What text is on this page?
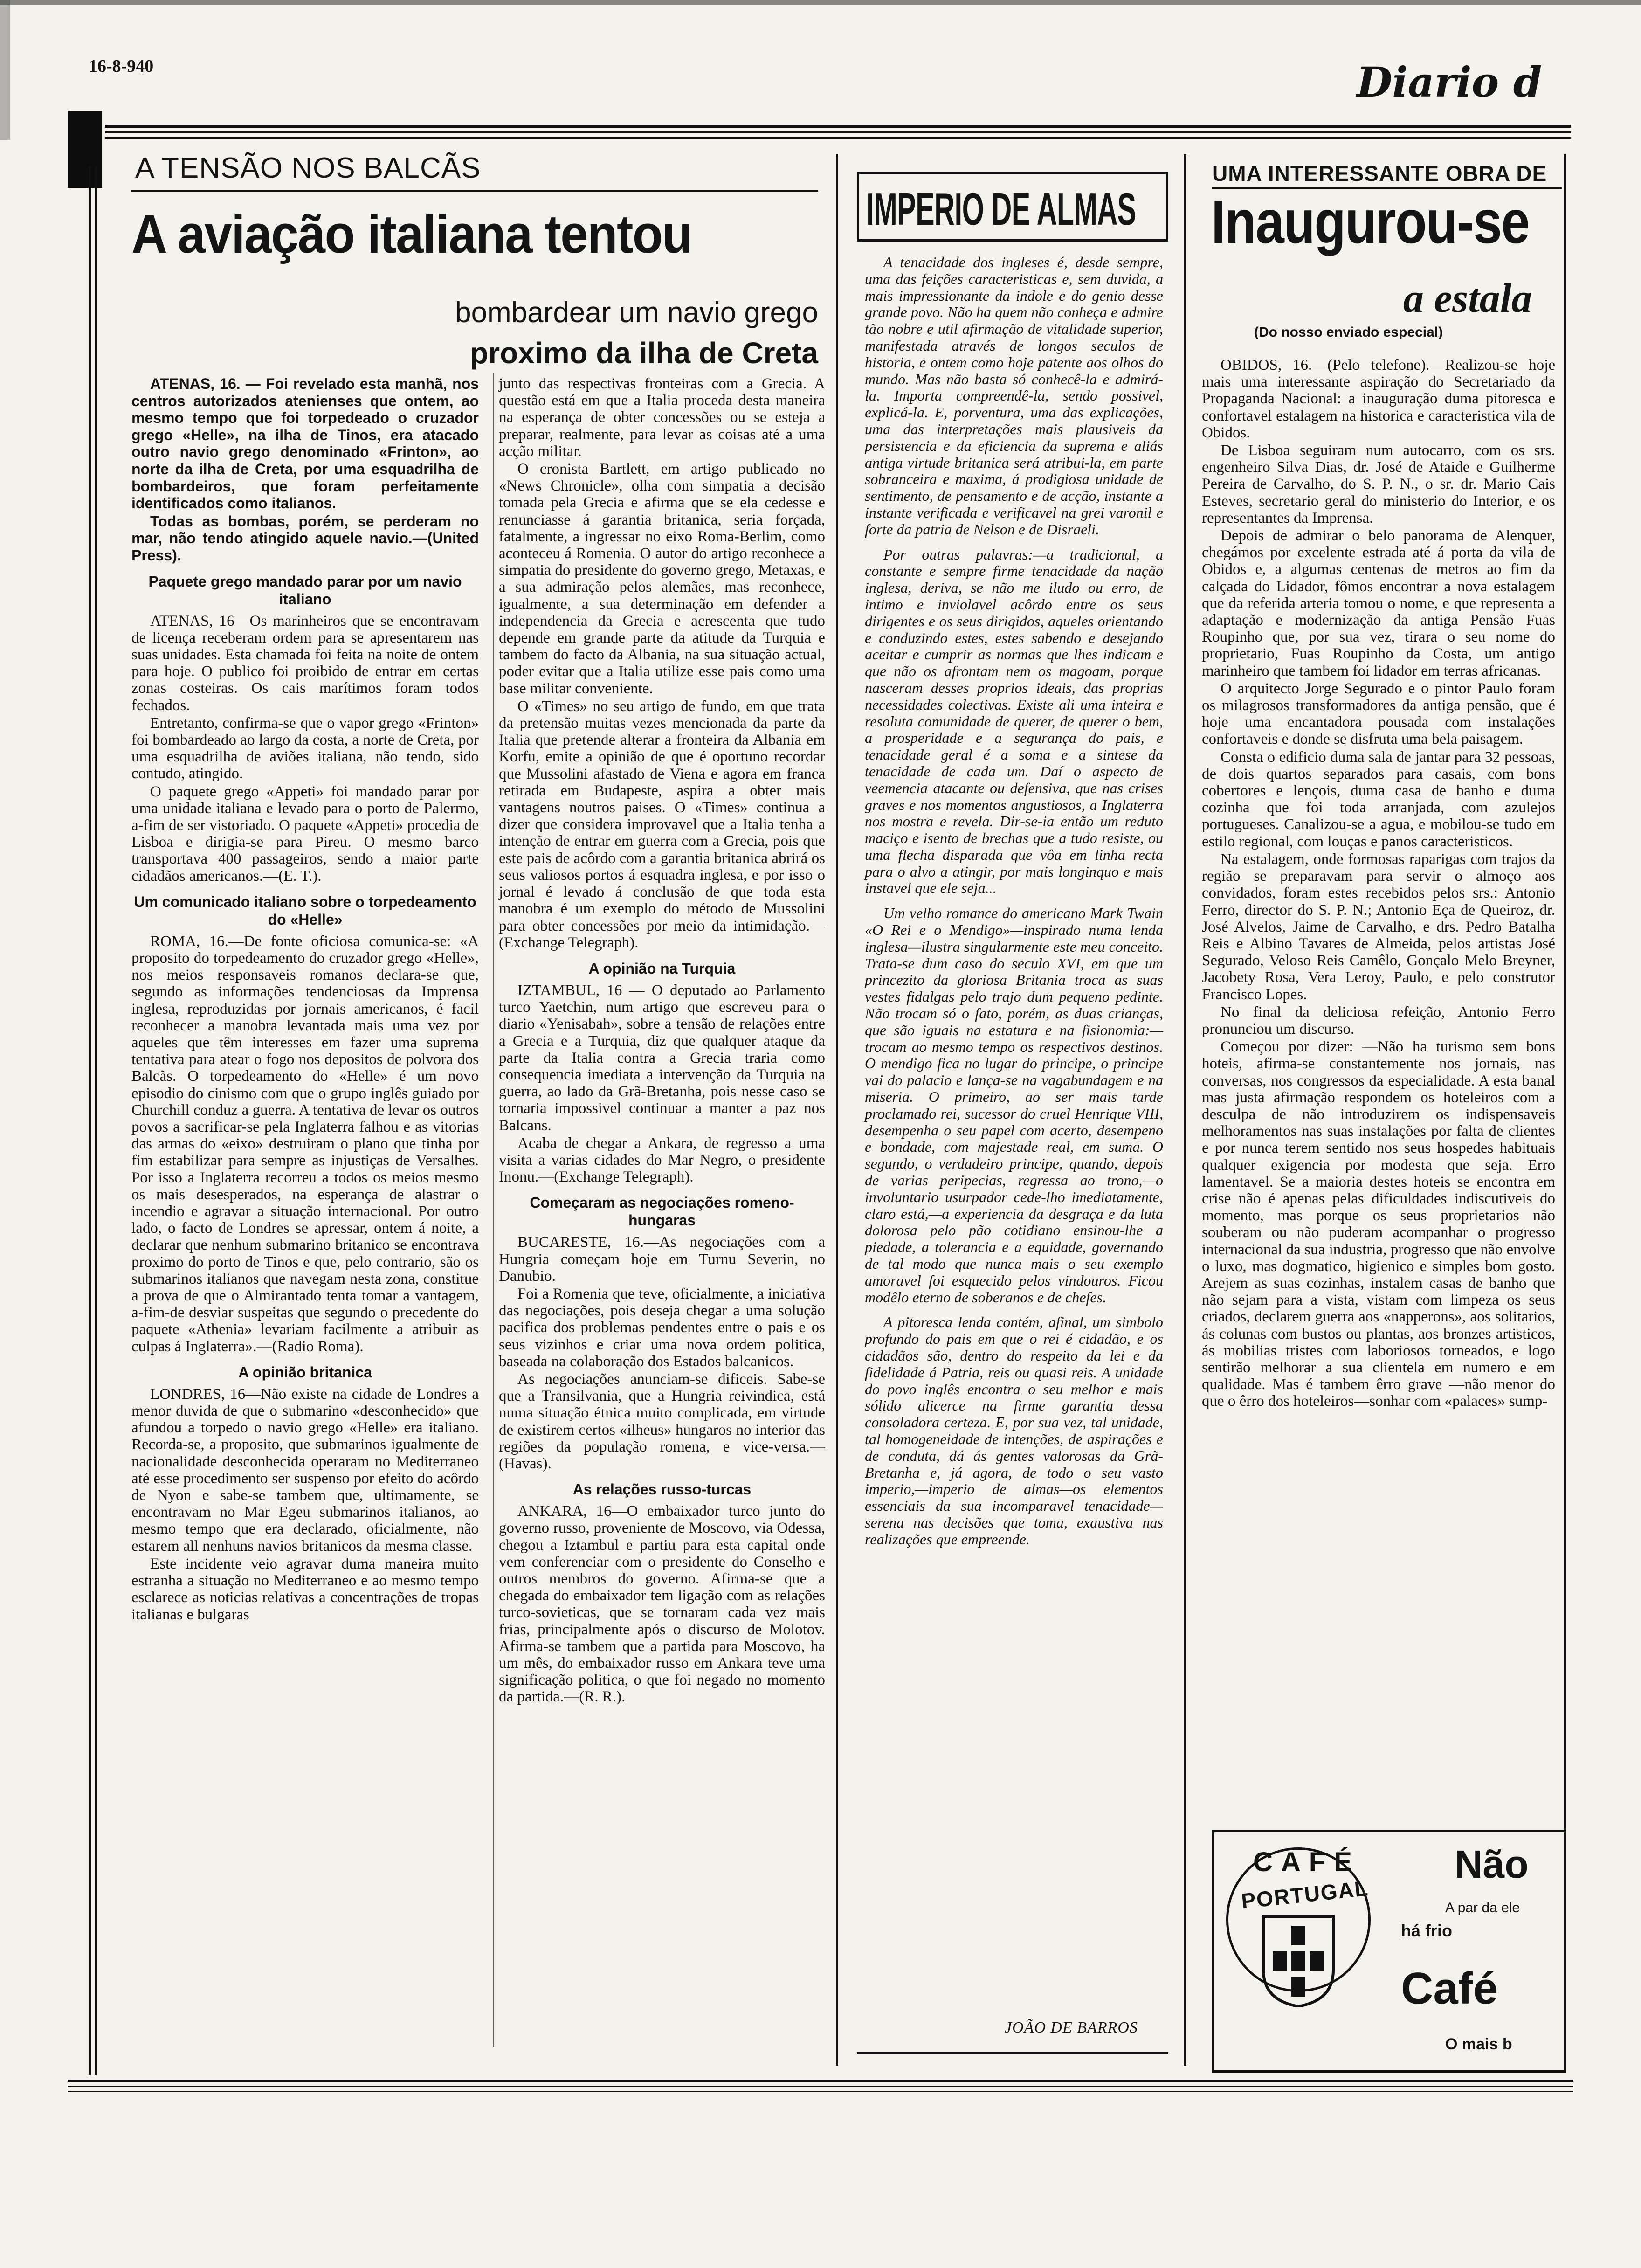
16-8-940	Diario d
A TENSÃO NOS BALCÃS
A aviação italiana tentou
bombardear um navio grego
proximo da ilha de Creta

ATENAS, 16. — Foi revelado esta manhã, nos centros autorizados atenienses que ontem, ao mesmo tempo que foi torpedeado o cruzador grego «Helle», na ilha de Tinos, era atacado outro navio grego denominado «Frinton», ao norte da ilha de Creta, por uma esquadrilha de bombardeiros, que foram perfeitamente identificados como italianos.

Todas as bombas, porém, se perderam no mar, não tendo atingido aquele navio.—(United Press).

Paquete grego mandado parar por um navio italiano

ATENAS, 16—Os marinheiros que se encontravam de licença receberam ordem para se apresentarem nas suas unidades. Esta chamada foi feita na noite de ontem para hoje. O publico foi proibido de entrar em certas zonas costeiras. Os cais marítimos foram todos fechados.

Entretanto, confirma-se que o vapor grego «Frinton» foi bombardeado ao largo da costa, a norte de Creta, por uma esquadrilha de aviões italiana, não tendo, sido contudo, atingido.

O paquete grego «Appeti» foi mandado parar por uma unidade italiana e levado para o porto de Palermo, a-fim de ser vistoriado. O paquete «Appeti» procedia de Lisboa e dirigia-se para Pireu. O mesmo barco transportava 400 passageiros, sendo a maior parte cidadãos americanos.—(E. T.).

Um comunicado italiano sobre o torpedeamento do «Helle»

ROMA, 16.—De fonte oficiosa comunica-se: «A proposito do torpedeamento do cruzador grego «Helle», nos meios responsaveis romanos declara-se que, segundo as informações tendenciosas da Imprensa inglesa, reproduzidas por jornais americanos, é facil reconhecer a manobra levantada mais uma vez por aqueles que têm interesses em fazer uma suprema tentativa para atear o fogo nos depositos de polvora dos Balcãs. O torpedeamento do «Helle» é um novo episodio do cinismo com que o grupo inglês guiado por Churchill conduz a guerra. A tentativa de levar os outros povos a sacrificar-se pela Inglaterra falhou e as vitorias das armas do «eixo» destruiram o plano que tinha por fim estabilizar para sempre as injustiças de Versalhes. Por isso a Inglaterra recorreu a todos os meios mesmo os mais desesperados, na esperança de alastrar o incendio e agravar a situação internacional. Por outro lado, o facto de Londres se apressar, ontem á noite, a declarar que nenhum submarino britanico se encontrava proximo do porto de Tinos e que, pelo contrario, são os submarinos italianos que navegam nesta zona, constitue a prova de que o Almirantado tenta tomar a vantagem, a-fim-de desviar suspeitas que segundo o precedente do paquete «Athenia» levariam facilmente a atribuir as culpas á Inglaterra».—(Radio Roma).

A opinião britanica

LONDRES, 16—Não existe na cidade de Londres a menor duvida de que o submarino «desconhecido» que afundou a torpedo o navio grego «Helle» era italiano. Recorda-se, a proposito, que submarinos igualmente de nacionalidade desconhecida operaram no Mediterraneo até esse procedimento ser suspenso por efeito do acôrdo de Nyon e sabe-se tambem que, ultimamente, se encontravam no Mar Egeu submarinos italianos, ao mesmo tempo que era declarado, oficialmente, não estarem all nenhuns navios britanicos da mesma classe.

Este incidente veio agravar duma maneira muito estranha a situação no Mediterraneo e ao mesmo tempo esclarece as noticias relativas a concentrações de tropas italianas e bulgaras

junto das respectivas fronteiras com a Grecia. A questão está em que a Italia proceda desta maneira na esperança de obter concessões ou se esteja a preparar, realmente, para levar as coisas até a uma acção militar.

O cronista Bartlett, em artigo publicado no «News Chronicle», olha com simpatia a decisão tomada pela Grecia e afirma que se ela cedesse e renunciasse á garantia britanica, seria forçada, fatalmente, a ingressar no eixo Roma-Berlim, como aconteceu á Romenia. O autor do artigo reconhece a simpatia do presidente do governo grego, Metaxas, e a sua admiração pelos alemães, mas reconhece, igualmente, a sua determinação em defender a independencia da Grecia e acrescenta que tudo depende em grande parte da atitude da Turquia e tambem do facto da Albania, na sua situação actual, poder evitar que a Italia utilize esse pais como uma base militar conveniente.

O «Times» no seu artigo de fundo, em que trata da pretensão muitas vezes mencionada da parte da Italia que pretende alterar a fronteira da Albania em Korfu, emite a opinião de que é oportuno recordar que Mussolini afastado de Viena e agora em franca retirada em Budapeste, aspira a obter mais vantagens noutros paises. O «Times» continua a dizer que considera improvavel que a Italia tenha a intenção de entrar em guerra com a Grecia, pois que este pais de acôrdo com a garantia britanica abrirá os seus valiosos portos á esquadra inglesa, e por isso o jornal é levado á conclusão de que toda esta manobra é um exemplo do método de Mussolini para obter concessões por meio da intimidação.—(Exchange Telegraph).

A opinião na Turquia

IZTAMBUL, 16 — O deputado ao Parlamento turco Yaetchin, num artigo que escreveu para o diario «Yenisabah», sobre a tensão de relações entre a Grecia e a Turquia, diz que qualquer ataque da parte da Italia contra a Grecia traria como consequencia imediata a intervenção da Turquia na guerra, ao lado da Grã-Bretanha, pois nesse caso se tornaria impossivel continuar a manter a paz nos Balcans.

Acaba de chegar a Ankara, de regresso a uma visita a varias cidades do Mar Negro, o presidente Inonu.—(Exchange Telegraph).

Começaram as negociações romeno-hungaras

BUCARESTE, 16.—As negociações com a Hungria começam hoje em Turnu Severin, no Danubio.

Foi a Romenia que teve, oficialmente, a iniciativa das negociações, pois deseja chegar a uma solução pacifica dos problemas pendentes entre o pais e os seus vizinhos e criar uma nova ordem politica, baseada na colaboração dos Estados balcanicos.

As negociações anunciam-se dificeis. Sabe-se que a Transilvania, que a Hungria reivindica, está numa situação étnica muito complicada, em virtude de existirem certos «ilheus» hungaros no interior das regiões da população romena, e vice-versa.—(Havas).

As relações russo-turcas

ANKARA, 16—O embaixador turco junto do governo russo, proveniente de Moscovo, via Odessa, chegou a Iztambul e partiu para esta capital onde vem conferenciar com o presidente do Conselho e outros membros do governo. Afirma-se que a chegada do embaixador tem ligação com as relações turco-sovieticas, que se tornaram cada vez mais frias, principalmente após o discurso de Molotov. Afirma-se tambem que a partida para Moscovo, ha um mês, do embaixador russo em Ankara teve uma significação politica, o que foi negado no momento da partida.—(R. R.).

IMPERIO DE ALMAS

A tenacidade dos ingleses é, desde sempre, uma das feições caracteristicas e, sem duvida, a mais impressionante da indole e do genio desse grande povo. Não ha quem não conheça e admire tão nobre e util afirmação de vitalidade superior, manifestada através de longos seculos de historia, e ontem como hoje patente aos olhos do mundo. Mas não basta só conhecê-la e admirá-la. Importa compreendê-la, sendo possivel, explicá-la. E, porventura, uma das explicações, uma das interpretações mais plausiveis da persistencia e da eficiencia da suprema e aliás antiga virtude britanica será atribui-la, em parte sobranceira e maxima, á prodigiosa unidade de sentimento, de pensamento e de acção, instante a instante verificada e verificavel na grei varonil e forte da patria de Nelson e de Disraeli.

Por outras palavras:—a tradicional, a constante e sempre firme tenacidade da nação inglesa, deriva, se não me iludo ou erro, de intimo e inviolavel acôrdo entre os seus dirigentes e os seus dirigidos, aqueles orientando e conduzindo estes, estes sabendo e desejando aceitar e cumprir as normas que lhes indicam e que não os afrontam nem os magoam, porque nasceram desses proprios ideais, das proprias necessidades colectivas. Existe ali uma inteira e resoluta comunidade de querer, de querer o bem, a prosperidade e a segurança do pais, e tenacidade geral é a soma e a sintese da tenacidade de cada um. Daí o aspecto de veemencia atacante ou defensiva, que nas crises graves e nos momentos angustiosos, a Inglaterra nos mostra e revela. Dir-se-ia então um reduto maciço e isento de brechas que a tudo resiste, ou uma flecha disparada que vôa em linha recta para o alvo a atingir, por mais longinquo e mais instavel que ele seja...

Um velho romance do americano Mark Twain «O Rei e o Mendigo»—inspirado numa lenda inglesa—ilustra singularmente este meu conceito. Trata-se dum caso do seculo XVI, em que um princezito da gloriosa Britania troca as suas vestes fidalgas pelo trajo dum pequeno pedinte. Não trocam só o fato, porém, as duas crianças, que são iguais na estatura e na fisionomia:—trocam ao mesmo tempo os respectivos destinos. O mendigo fica no lugar do principe, o principe vai do palacio e lança-se na vagabundagem e na miseria. O primeiro, ao ser mais tarde proclamado rei, sucessor do cruel Henrique VIII, desempenha o seu papel com acerto, desempeno e bondade, com majestade real, em suma. O segundo, o verdadeiro principe, quando, depois de varias peripecias, regressa ao trono,—o involuntario usurpador cede-lho imediatamente, claro está,—a experiencia da desgraça e da luta dolorosa pelo pão cotidiano ensinou-lhe a piedade, a tolerancia e a equidade, governando de tal modo que nunca mais o seu exemplo amoravel foi esquecido pelos vindouros. Ficou modêlo eterno de soberanos e de chefes.

A pitoresca lenda contém, afinal, um simbolo profundo do pais em que o rei é cidadão, e os cidadãos são, dentro do respeito da lei e da fidelidade á Patria, reis ou quasi reis. A unidade do povo inglês encontra o seu melhor e mais sólido alicerce na firme garantia dessa consoladora certeza. E, por sua vez, tal unidade, tal homogeneidade de intenções, de aspirações e de conduta, dá ás gentes valorosas da Grã-Bretanha e, já agora, de todo o seu vasto imperio,—imperio de almas—os elementos essenciais da sua incomparavel tenacidade—serena nas decisões que toma, exaustiva nas realizações que empreende.

JOÃO DE BARROS
UMA INTERESSANTE OBRA DE
Inaugurou-se
a estala
(Do nosso enviado especial)

OBIDOS, 16.—(Pelo telefone).—Realizou-se hoje mais uma interessante aspiração do Secretariado da Propaganda Nacional: a inauguração duma pitoresca e confortavel estalagem na historica e caracteristica vila de Obidos.

De Lisboa seguiram num autocarro, com os srs. engenheiro Silva Dias, dr. José de Ataide e Guilherme Pereira de Carvalho, do S. P. N., o sr. dr. Mario Cais Esteves, secretario geral do ministerio do Interior, e os representantes da Imprensa.

Depois de admirar o belo panorama de Alenquer, chegámos por excelente estrada até á porta da vila de Obidos e, a algumas centenas de metros ao fim da calçada do Lidador, fômos encontrar a nova estalagem que da referida arteria tomou o nome, e que representa a adaptação e modernização da antiga Pensão Fuas Roupinho que, por sua vez, tirara o seu nome do proprietario, Fuas Roupinho da Costa, um antigo marinheiro que tambem foi lidador em terras africanas.

O arquitecto Jorge Segurado e o pintor Paulo foram os milagrosos transformadores da antiga pensão, que é hoje uma encantadora pousada com instalações confortaveis e donde se disfruta uma bela paisagem.

Consta o edificio duma sala de jantar para 32 pessoas, de dois quartos separados para casais, com bons cobertores e lençois, duma casa de banho e duma cozinha que foi toda arranjada, com azulejos portugueses. Canalizou-se a agua, e mobilou-se tudo em estilo regional, com louças e panos caracteristicos.

Na estalagem, onde formosas raparigas com trajos da região se preparavam para servir o almoço aos convidados, foram estes recebidos pelos srs.: Antonio Ferro, director do S. P. N.; Antonio Eça de Queiroz, dr. José Alvelos, Jaime de Carvalho, e drs. Pedro Batalha Reis e Albino Tavares de Almeida, pelos artistas José Segurado, Veloso Reis Camêlo, Gonçalo Melo Breyner, Jacobety Rosa, Vera Leroy, Paulo, e pelo construtor Francisco Lopes.

No final da deliciosa refeição, Antonio Ferro pronunciou um discurso.

Começou por dizer: —Não ha turismo sem bons hoteis, afirma-se constantemente nos jornais, nas conversas, nos congressos da especialidade. A esta banal mas justa afirmação respondem os hoteleiros com a desculpa de não introduzirem os indispensaveis melhoramentos nas suas instalações por falta de clientes e por nunca terem sentido nos seus hospedes habituais qualquer exigencia por modesta que seja. Erro lamentavel. Se a maioria destes hoteis se encontra em crise não é apenas pelas dificuldades indiscutiveis do momento, mas porque os seus proprietarios não souberam ou não puderam acompanhar o progresso internacional da sua industria, progresso que não envolve o luxo, mas dogmatico, higienico e simples bom gosto. Arejem as suas cozinhas, instalem casas de banho que não sejam para a vista, vistam com limpeza os seus criados, declarem guerra aos «napperons», aos solitarios, ás colunas com bustos ou plantas, aos bronzes artisticos, ás mobilias tristes com laboriosos torneados, e logo sentirão melhorar a sua clientela em numero e em qualidade. Mas é tambem êrro grave —não menor do que o êrro dos hoteleiros—sonhar com «palaces» sump-

CAFÉ
PORTUGAL
Não
A par da ele
há frio
Café
O mais b
